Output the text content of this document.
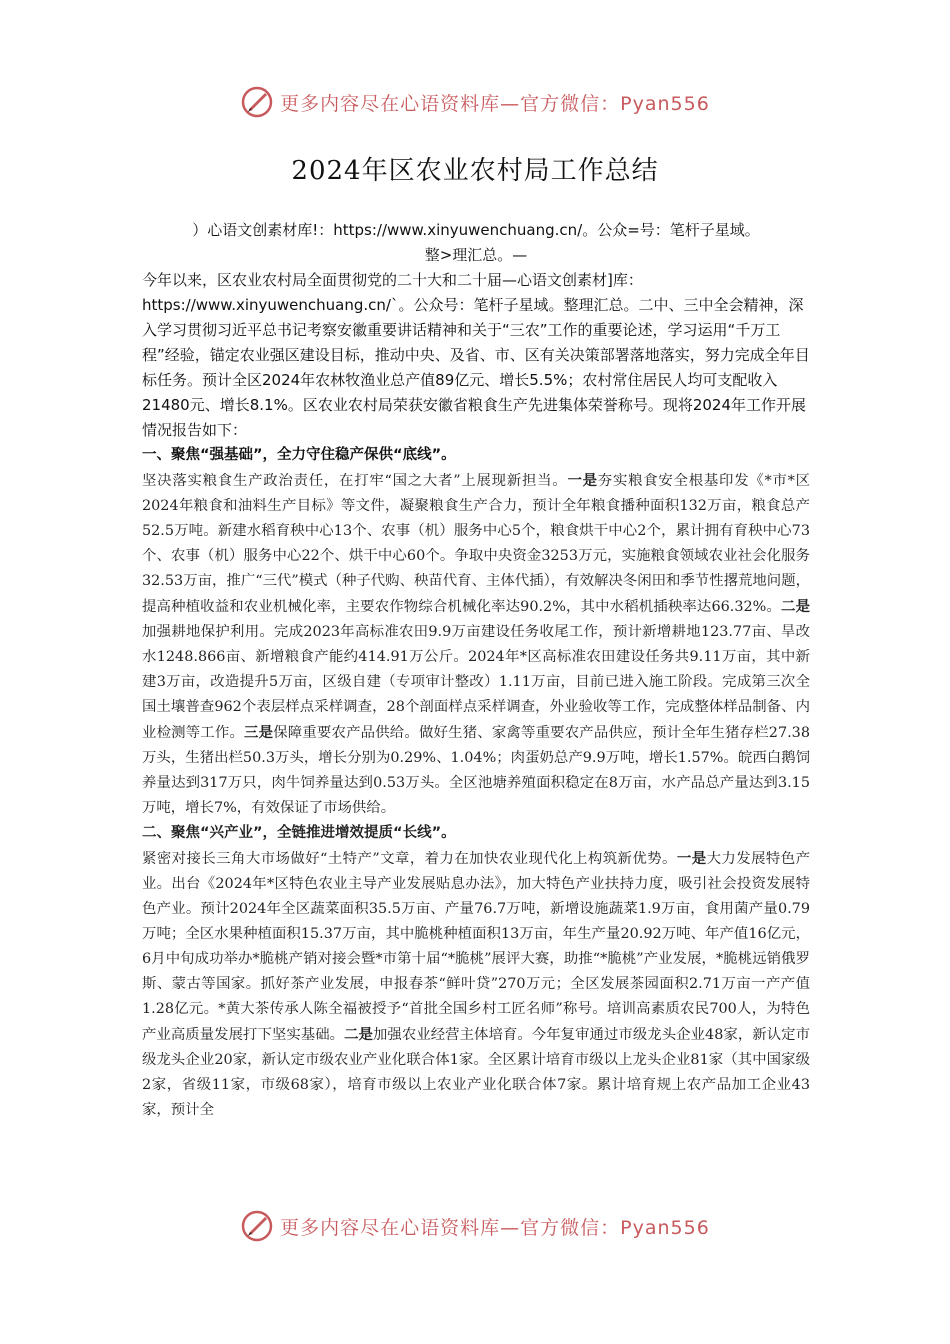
更多内容尽在心语资料库—官方微信：Pyan556
2024年区农业农村局工作总结

）心语文创素材库!：https://www.xinyuwenchuang.cn/。公众=号：笔杆子星域。

整>理汇总。—

今年以来，区农业农村局全面贯彻党的二十大和二十届—心语文创素材]库：https://www.xinyuwenchuang.cn/`。公众号：笔杆子星域。整理汇总。二中、三中全会精神，深入学习贯彻习近平总书记考察安徽重要讲话精神和关于“三农”工作的重要论述，学习运用“千万工程”经验，锚定农业强区建设目标，推动中央、及省、市、区有关决策部署落地落实，努力完成全年目标任务。预计全区2024年农林牧渔业总产值89亿元、增长5.5%；农村常住居民人均可支配收入21480元、增长8.1%。区农业农村局荣获安徽省粮食生产先进集体荣誉称号。现将2024年工作开展情况报告如下：

一、聚焦“强基础”，全力守住稳产保供“底线”。

坚决落实粮食生产政治责任，在打牢“国之大者”上展现新担当。一是夯实粮食安全根基印发《*市*区2024年粮食和油料生产目标》等文件，凝聚粮食生产合力，预计全年粮食播种面积132万亩，粮食总产52.5万吨。新建水稻育秧中心13个、农事（机）服务中心5个，粮食烘干中心2个，累计拥有育秧中心73个、农事（机）服务中心22个、烘干中心60个。争取中央资金3253万元，实施粮食领域农业社会化服务32.53万亩，推广“三代”模式（种子代购、秧苗代育、主体代插），有效解决冬闲田和季节性撂荒地问题，提高种植收益和农业机械化率，主要农作物综合机械化率达90.2%，其中水稻机插秧率达66.32%。二是加强耕地保护利用。完成2023年高标准农田9.9万亩建设任务收尾工作，预计新增耕地123.77亩、旱改水1248.866亩、新增粮食产能约414.91万公斤。2024年*区高标准农田建设任务共9.11万亩，其中新建3万亩，改造提升5万亩，区级自建（专项审计整改）1.11万亩，目前已进入施工阶段。完成第三次全国土壤普查962个表层样点采样调查，28个剖面样点采样调查，外业验收等工作，完成整体样品制备、内业检测等工作。三是保障重要农产品供给。做好生猪、家禽等重要农产品供应，预计全年生猪存栏27.38万头，生猪出栏50.3万头，增长分别为0.29%、1.04%；肉蛋奶总产9.9万吨，增长1.57%。皖西白鹅饲养量达到317万只，肉牛饲养量达到0.53万头。全区池塘养殖面积稳定在8万亩，水产品总产量达到3.15万吨，增长7%，有效保证了市场供给。

二、聚焦“兴产业”，全链推进增效提质“长线”。

紧密对接长三角大市场做好“土特产”文章，着力在加快农业现代化上构筑新优势。一是大力发展特色产业。出台《2024年*区特色农业主导产业发展贴息办法》，加大特色产业扶持力度，吸引社会投资发展特色产业。预计2024年全区蔬菜面积35.5万亩、产量76.7万吨，新增设施蔬菜1.9万亩，食用菌产量0.79万吨；全区水果种植面积15.37万亩，其中脆桃种植面积13万亩，年生产量20.92万吨、年产值16亿元，6月中旬成功举办*脆桃产销对接会暨*市第十届“*脆桃”展评大赛，助推“*脆桃”产业发展，*脆桃远销俄罗斯、蒙古等国家。抓好茶产业发展，申报春茶“鲜叶贷”270万元；全区发展茶园面积2.71万亩一产产值1.28亿元。*黄大茶传承人陈全福被授予“首批全国乡村工匠名师”称号。培训高素质农民700人，为特色产业高质量发展打下坚实基础。二是加强农业经营主体培育。今年复审通过市级龙头企业48家，新认定市级龙头企业20家，新认定市级农业产业化联合体1家。全区累计培育市级以上龙头企业81家（其中国家级2家，省级11家，市级68家），培育市级以上农业产业化联合体7家。累计培育规上农产品加工企业43家，预计全

更多内容尽在心语资料库—官方微信：Pyan556
